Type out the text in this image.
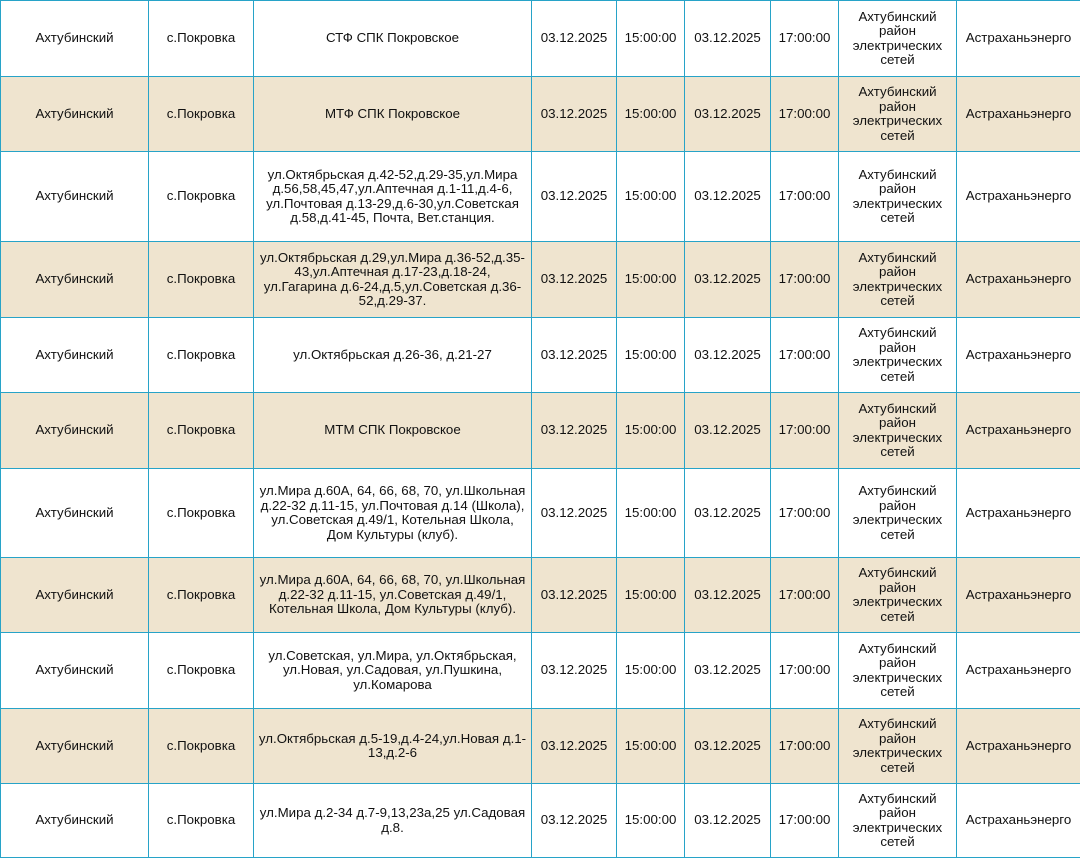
Ахтубинский	с.Покровка	СТФ СПК Покровское	03.12.2025	15:00:00	03.12.2025	17:00:00	Ахтубинский район электрических сетей	Астраханьэнерго
Ахтубинский	с.Покровка	МТФ СПК Покровское	03.12.2025	15:00:00	03.12.2025	17:00:00	Ахтубинский район электрических сетей	Астраханьэнерго
Ахтубинский	с.Покровка	ул.Октябрьская д.42-52,д.29-35,ул.Мира д.56,58,45,47,ул.Аптечная д.1-11,д.4-6, ул.Почтовая д.13-29,д.6-30,ул.Советская д.58,д.41-45, Почта, Вет.станция.	03.12.2025	15:00:00	03.12.2025	17:00:00	Ахтубинский район электрических сетей	Астраханьэнерго
Ахтубинский	с.Покровка	ул.Октябрьская д.29,ул.Мира д.36-52,д.35-43,ул.Аптечная д.17-23,д.18-24, ул.Гагарина д.6-24,д.5,ул.Советская д.36-52,д.29-37.	03.12.2025	15:00:00	03.12.2025	17:00:00	Ахтубинский район электрических сетей	Астраханьэнерго
Ахтубинский	с.Покровка	ул.Октябрьская д.26-36, д.21-27	03.12.2025	15:00:00	03.12.2025	17:00:00	Ахтубинский район электрических сетей	Астраханьэнерго
Ахтубинский	с.Покровка	МТМ СПК Покровское	03.12.2025	15:00:00	03.12.2025	17:00:00	Ахтубинский район электрических сетей	Астраханьэнерго
Ахтубинский	с.Покровка	ул.Мира д.60А, 64, 66, 68, 70, ул.Школьная д.22-32 д.11-15, ул.Почтовая д.14 (Школа), ул.Советская д.49/1, Котельная Школа, Дом Культуры (клуб).	03.12.2025	15:00:00	03.12.2025	17:00:00	Ахтубинский район электрических сетей	Астраханьэнерго
Ахтубинский	с.Покровка	ул.Мира д.60А, 64, 66, 68, 70, ул.Школьная д.22-32 д.11-15, ул.Советская д.49/1, Котельная Школа, Дом Культуры (клуб).	03.12.2025	15:00:00	03.12.2025	17:00:00	Ахтубинский район электрических сетей	Астраханьэнерго
Ахтубинский	с.Покровка	ул.Советская, ул.Мира, ул.Октябрьская, ул.Новая, ул.Садовая, ул.Пушкина, ул.Комарова	03.12.2025	15:00:00	03.12.2025	17:00:00	Ахтубинский район электрических сетей	Астраханьэнерго
Ахтубинский	с.Покровка	ул.Октябрьская д.5-19,д.4-24,ул.Новая д.1-13,д.2-6	03.12.2025	15:00:00	03.12.2025	17:00:00	Ахтубинский район электрических сетей	Астраханьэнерго
Ахтубинский	с.Покровка	ул.Мира д.2-34 д.7-9,13,23а,25 ул.Садовая д.8.	03.12.2025	15:00:00	03.12.2025	17:00:00	Ахтубинский район электрических сетей	Астраханьэнерго
